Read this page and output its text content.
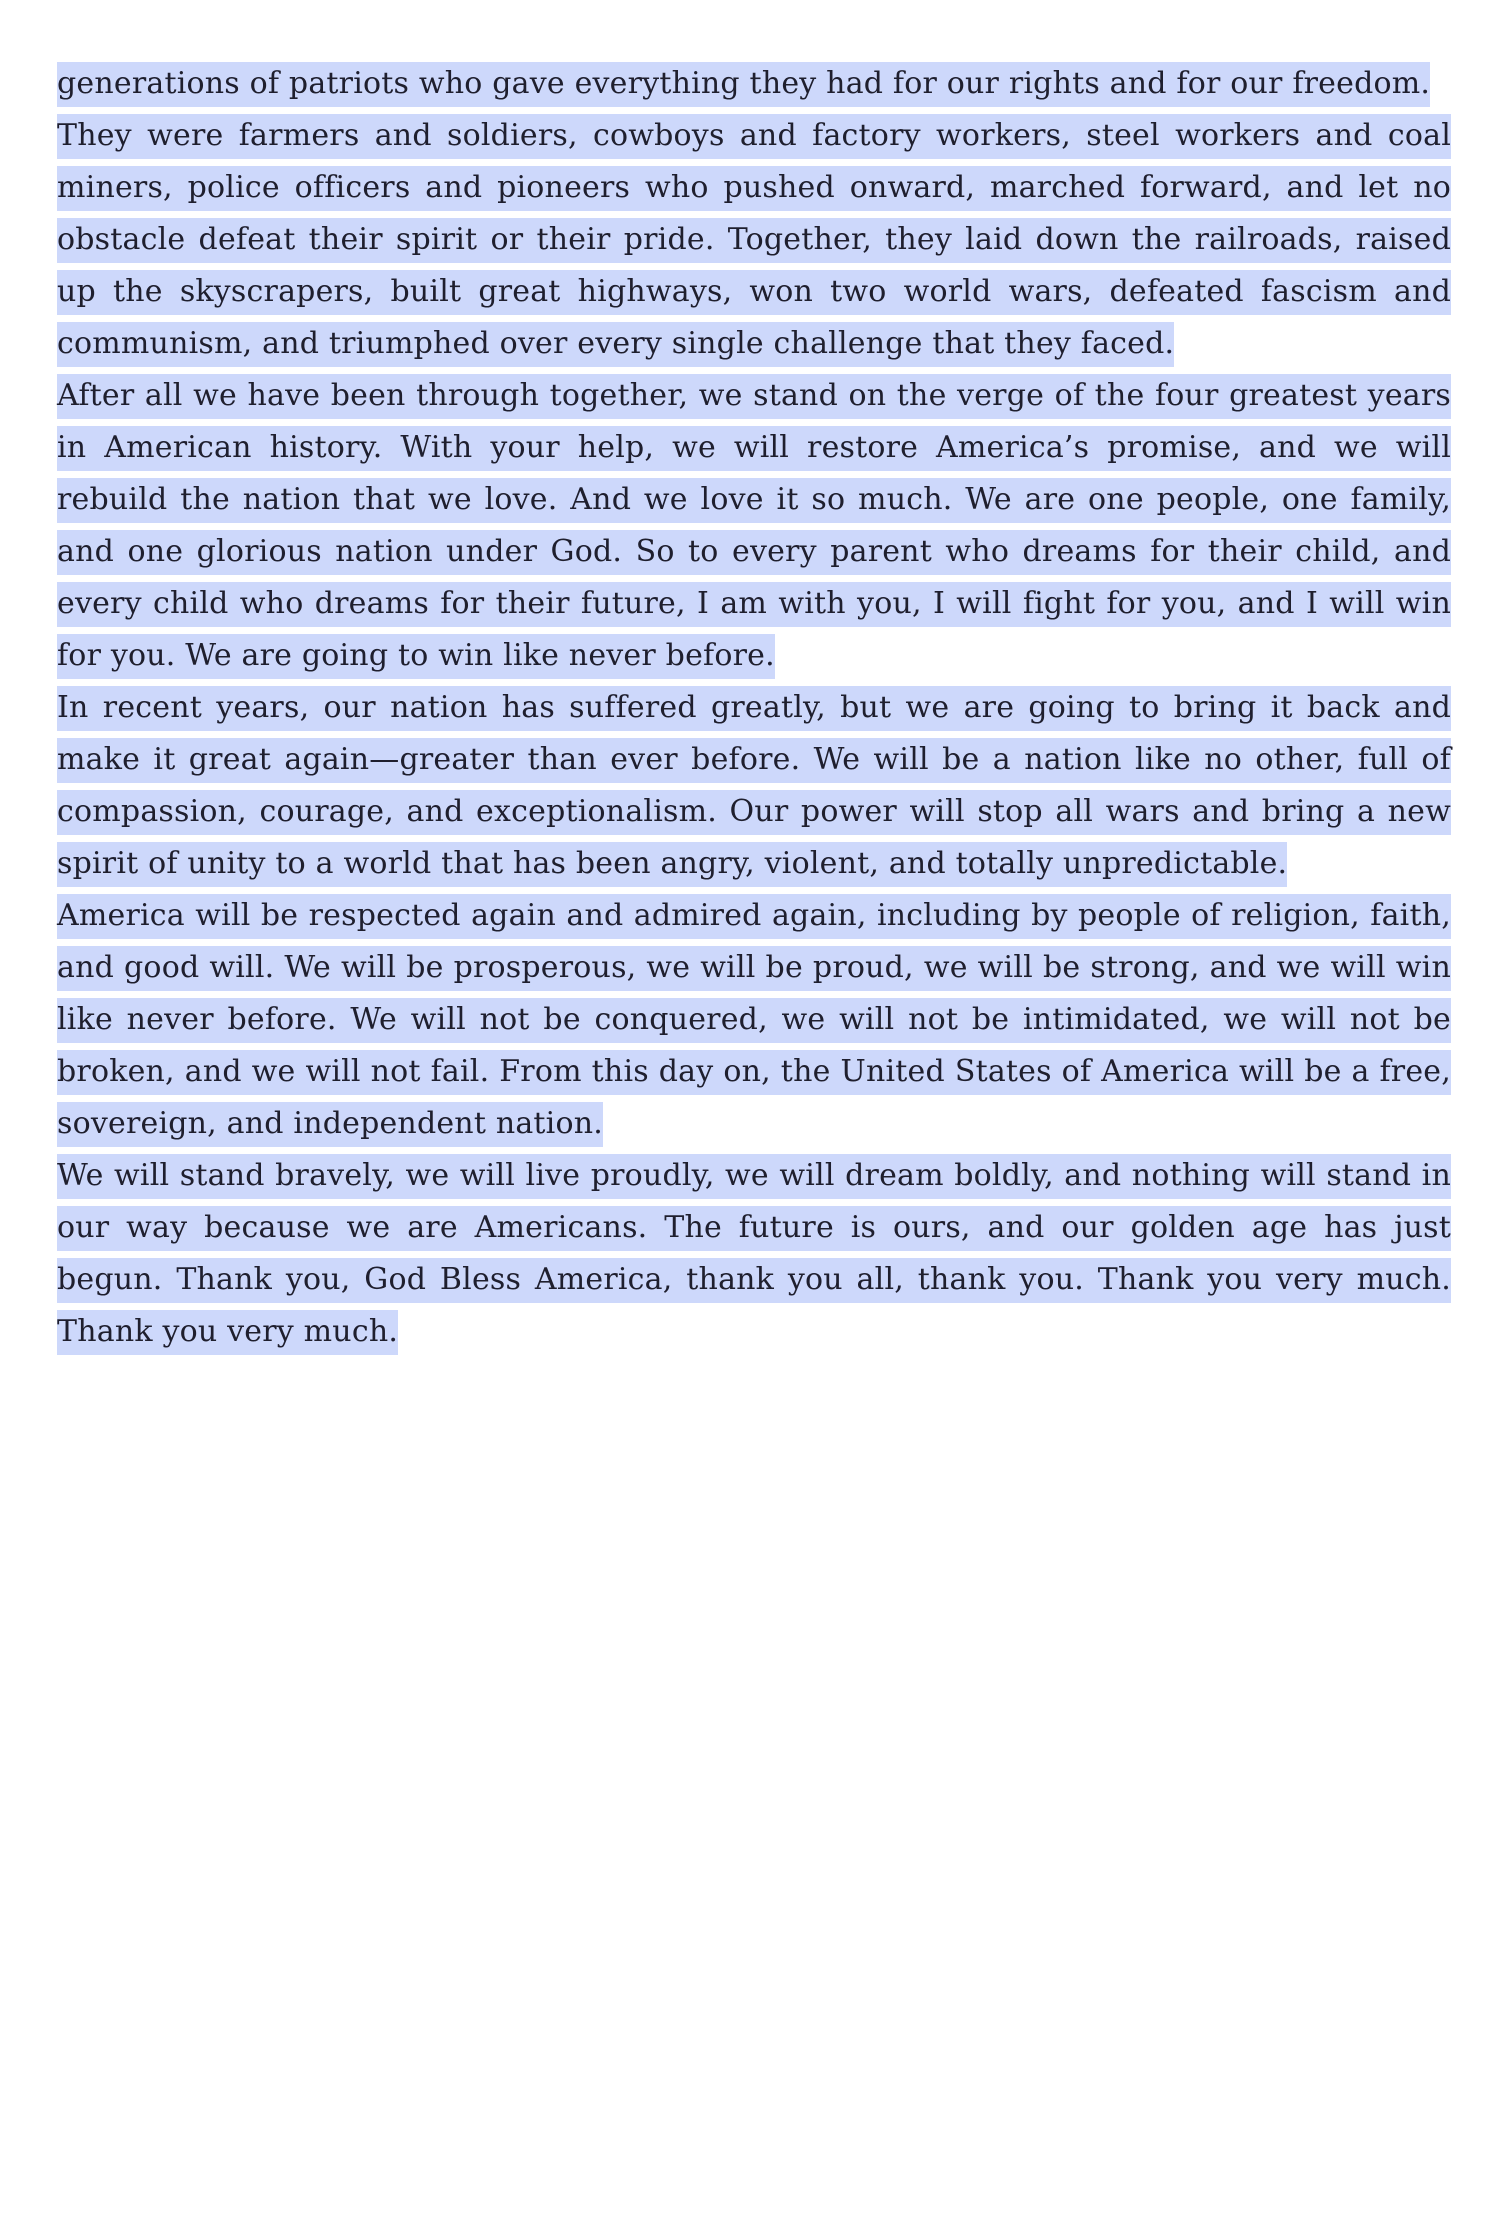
generations of patriots who gave everything they had for our rights and for our freedom.

They were farmers and soldiers, cowboys and factory workers, steel workers and coal miners, police officers and pioneers who pushed onward, marched forward, and let no obstacle defeat their spirit or their pride. Together, they laid down the railroads, raised up the skyscrapers, built great highways, won two world wars, defeated fascism and communism, and triumphed over every single challenge that they faced.

After all we have been through together, we stand on the verge of the four greatest years in American history. With your help, we will restore America’s promise, and we will rebuild the nation that we love. And we love it so much. We are one people, one family, and one glorious nation under God. So to every parent who dreams for their child, and every child who dreams for their future, I am with you, I will fight for you, and I will win for you. We are going to win like never before.

In recent years, our nation has suffered greatly, but we are going to bring it back and make it great again—greater than ever before. We will be a nation like no other, full of compassion, courage, and exceptionalism. Our power will stop all wars and bring a new spirit of unity to a world that has been angry, violent, and totally unpredictable.

America will be respected again and admired again, including by people of religion, faith, and good will. We will be prosperous, we will be proud, we will be strong, and we will win like never before. We will not be conquered, we will not be intimidated, we will not be broken, and we will not fail. From this day on, the United States of America will be a free, sovereign, and independent nation.

We will stand bravely, we will live proudly, we will dream boldly, and nothing will stand in our way because we are Americans. The future is ours, and our golden age has just begun. Thank you, God Bless America, thank you all, thank you. Thank you very much. Thank you very much.
